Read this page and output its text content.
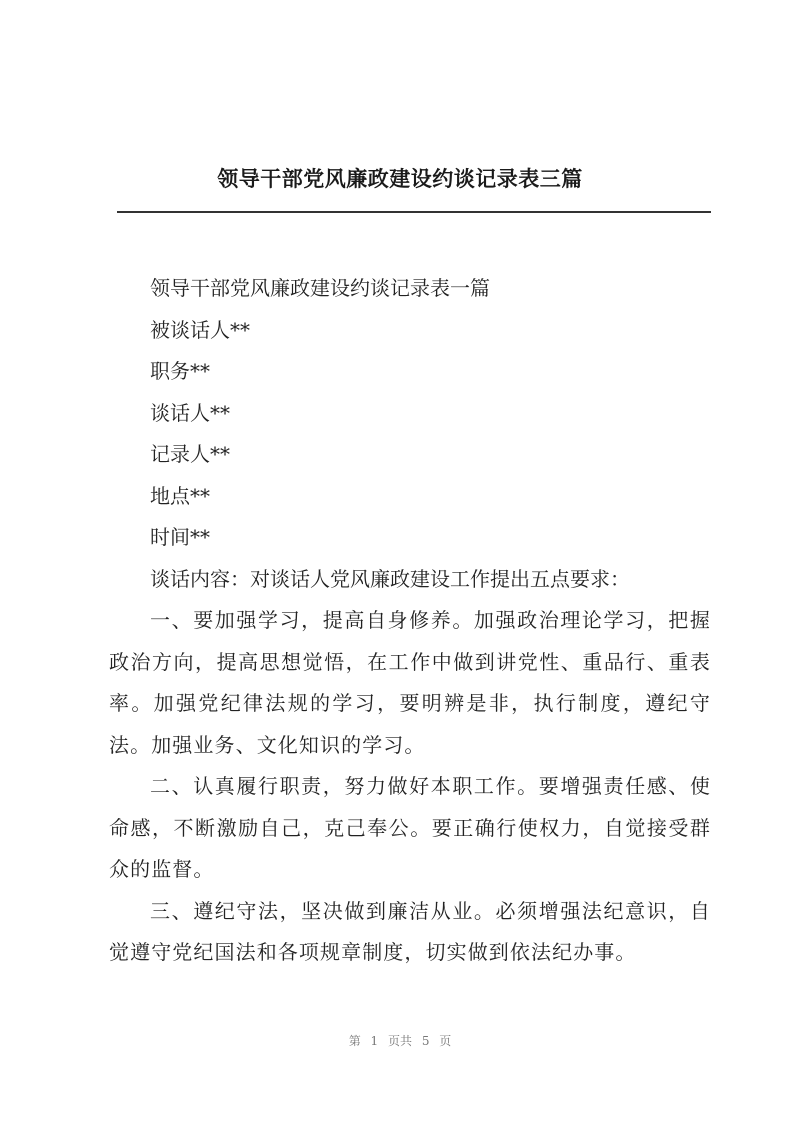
领导干部党风廉政建设约谈记录表三篇

领导干部党风廉政建设约谈记录表一篇

被谈话人**

职务**

谈话人**

记录人**

地点**

时间**

谈话内容：对谈话人党风廉政建设工作提出五点要求：

一、要加强学习，提高自身修养。加强政治理论学习，把握政治方向，提高思想觉悟，在工作中做到讲党性、重品行、重表率。加强党纪律法规的学习，要明辨是非，执行制度，遵纪守法。加强业务、文化知识的学习。

二、认真履行职责，努力做好本职工作。要增强责任感、使命感，不断激励自己，克己奉公。要正确行使权力，自觉接受群众的监督。

三、遵纪守法，坚决做到廉洁从业。必须增强法纪意识，自觉遵守党纪国法和各项规章制度，切实做到依法纪办事。

第 1 页共 5 页
